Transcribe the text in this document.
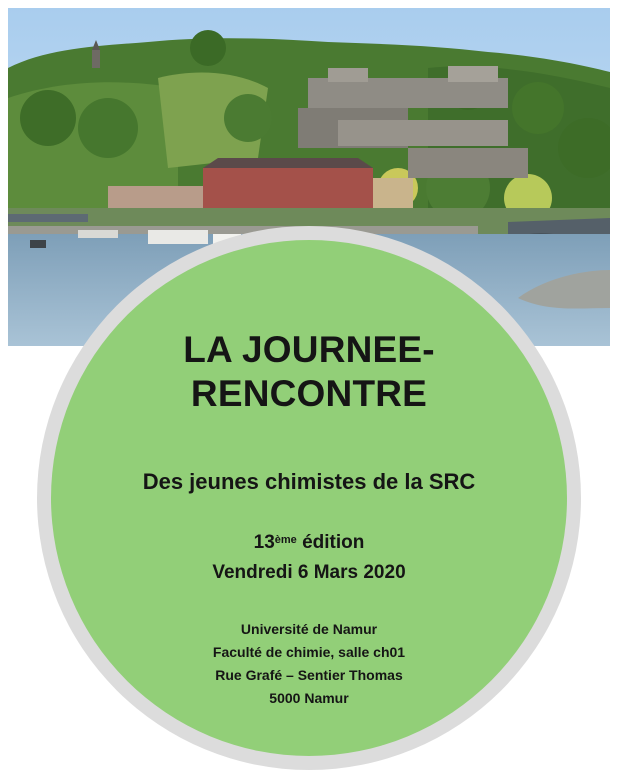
LA JOURNEE-
RENCONTRE
Des jeunes chimistes de la SRC
13ème édition
Vendredi 6 Mars 2020
Université de Namur
Faculté de chimie, salle ch01
Rue Grafé – Sentier Thomas
5000 Namur
